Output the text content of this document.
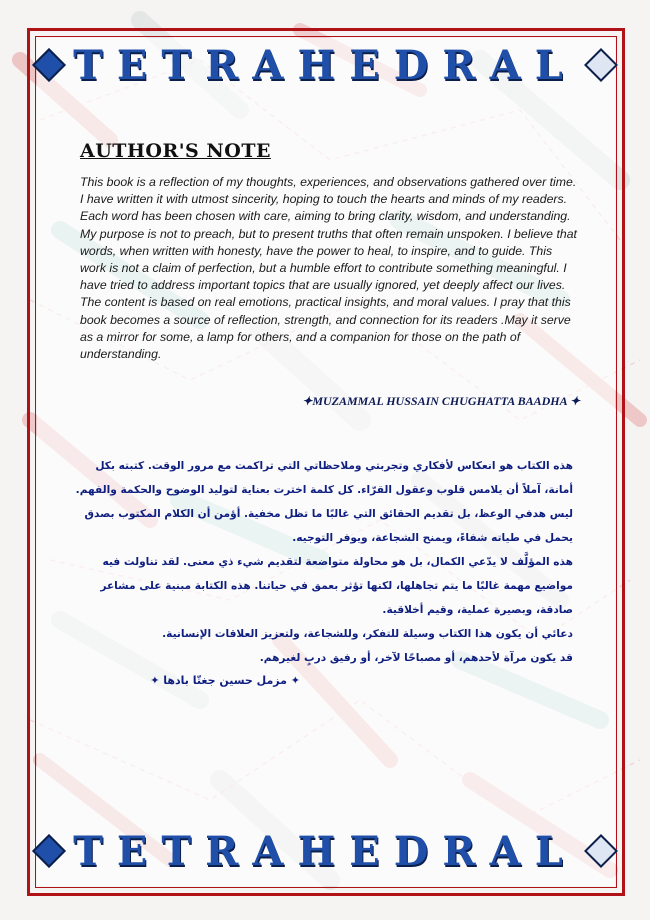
TETRAHEDRAL
AUTHOR'S NOTE
This book is a reflection of my thoughts, experiences, and observations gathered over time. I have written it with utmost sincerity, hoping to touch the hearts and minds of my readers. Each word has been chosen with care, aiming to bring clarity, wisdom, and understanding. My purpose is not to preach, but to present truths that often remain unspoken. I believe that words, when written with honesty, have the power to heal, to inspire, and to guide. This work is not a claim of perfection, but a humble effort to contribute something meaningful. I have tried to address important topics that are usually ignored, yet deeply affect our lives. The content is based on real emotions, practical insights, and moral values. I pray that this book becomes a source of reflection, strength, and connection for its readers .May it serve as a mirror for some, a lamp for others, and a companion for those on the path of understanding.
✦MUZAMMAL HUSSAIN CHUGHATTA BAADHA ✦

هذه الكتاب هو انعكاس لأفكاري وتجربتي وملاحظاتي التي تراكمت مع مرور الوقت. كتبته بكل أمانة، آملاً أن يلامس قلوب وعقول القرّاء. كل كلمة اخترت بعناية لتوليد الوضوح والحكمة والفهم. ليس هدفي الوعظ، بل تقديم الحقائق التي غالبًا ما تظل مخفية. أؤمن أن الكلام المكتوب بصدق يحمل في طياته شفاءً، ويمنح الشجاعة، ويوفر التوجيه.

هذه المؤلَّف لا يدّعي الكمال، بل هو محاولة متواضعة لتقديم شيء ذي معنى. لقد تناولت فيه مواضيع مهمة غالبًا ما يتم تجاهلها، لكنها تؤثر بعمق في حياتنا. هذه الكتابة مبنية على مشاعر صادقة، وبصيرة عملية، وقيم أخلاقية.

دعائي أن يكون هذا الكتاب وسيلة للتفكر، وللشجاعة، ولتعزيز العلاقات الإنسانية.

قد يكون مرآة لأحدهم، أو مصباحًا لآخر، أو رفيق دربٍ لغيرهم.

✦ مزمل حسين جغتّا بادها ✦
TETRAHEDRAL
